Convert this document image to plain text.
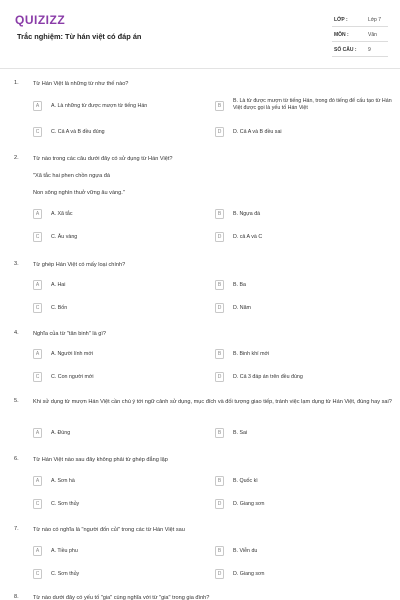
QUIZIZZ
Trắc nghiệm: Từ hán việt có đáp án
LỚP :	Lớp 7
MÔN :	Văn
SỐ CÂU : 9
1.	Từ Hán Việt là những từ như thế nào?
A	A. Là những từ được mượn từ tiếng Hán	B
B. Là từ được mượn từ tiếng Hán, trong đó tiếng để cấu tạo từ Hán Việt được gọi là yếu tố Hán Việt
C	C. Cả A và B đều đúng	D	D. Cả A và B đều sai
2.	Từ nào trong các câu dưới đây có sử dụng từ Hán Việt?
"Xã tắc hai phen chồn ngựa đá
Non sông nghìn thuở vững âu vàng."
A	A. Xã tắc	B	B. Ngựa đá
C	C. Âu vàng	D	D. cả A và C
3.	Từ ghép Hán Việt có mấy loại chính?
A	A. Hai	B	B. Ba
C	C. Bốn	D	D. Năm
4.	Nghĩa của từ "tân binh" là gì?
A	A. Người lính mới	B	B. Binh khí mới
C	C. Con người mới	D	D. Cả 3 đáp án trên đều đúng
5.	Khi sử dụng từ mượn Hán Việt cần chú ý tới ngữ cảnh sử dụng, mục đích và đối tượng giao tiếp, tránh việc lạm dụng từ Hán Việt, đúng hay sai?
A	A. Đúng	B	B. Sai
6.	Từ Hán Việt nào sau đây không phải từ ghép đẳng lập
A	A. Sơn hà	B	B. Quốc kì
C	C. Sơn thủy	D	D. Giang sơn
7.	Từ nào có nghĩa là "người đốn củi" trong các từ Hán Việt sau
A	A. Tiều phu	B	B. Viễn du
C	C. Sơn thủy	D	D. Giang sơn
8.	Từ nào dưới đây có yếu tố "gia" cùng nghĩa với từ "gia" trong gia đình?
